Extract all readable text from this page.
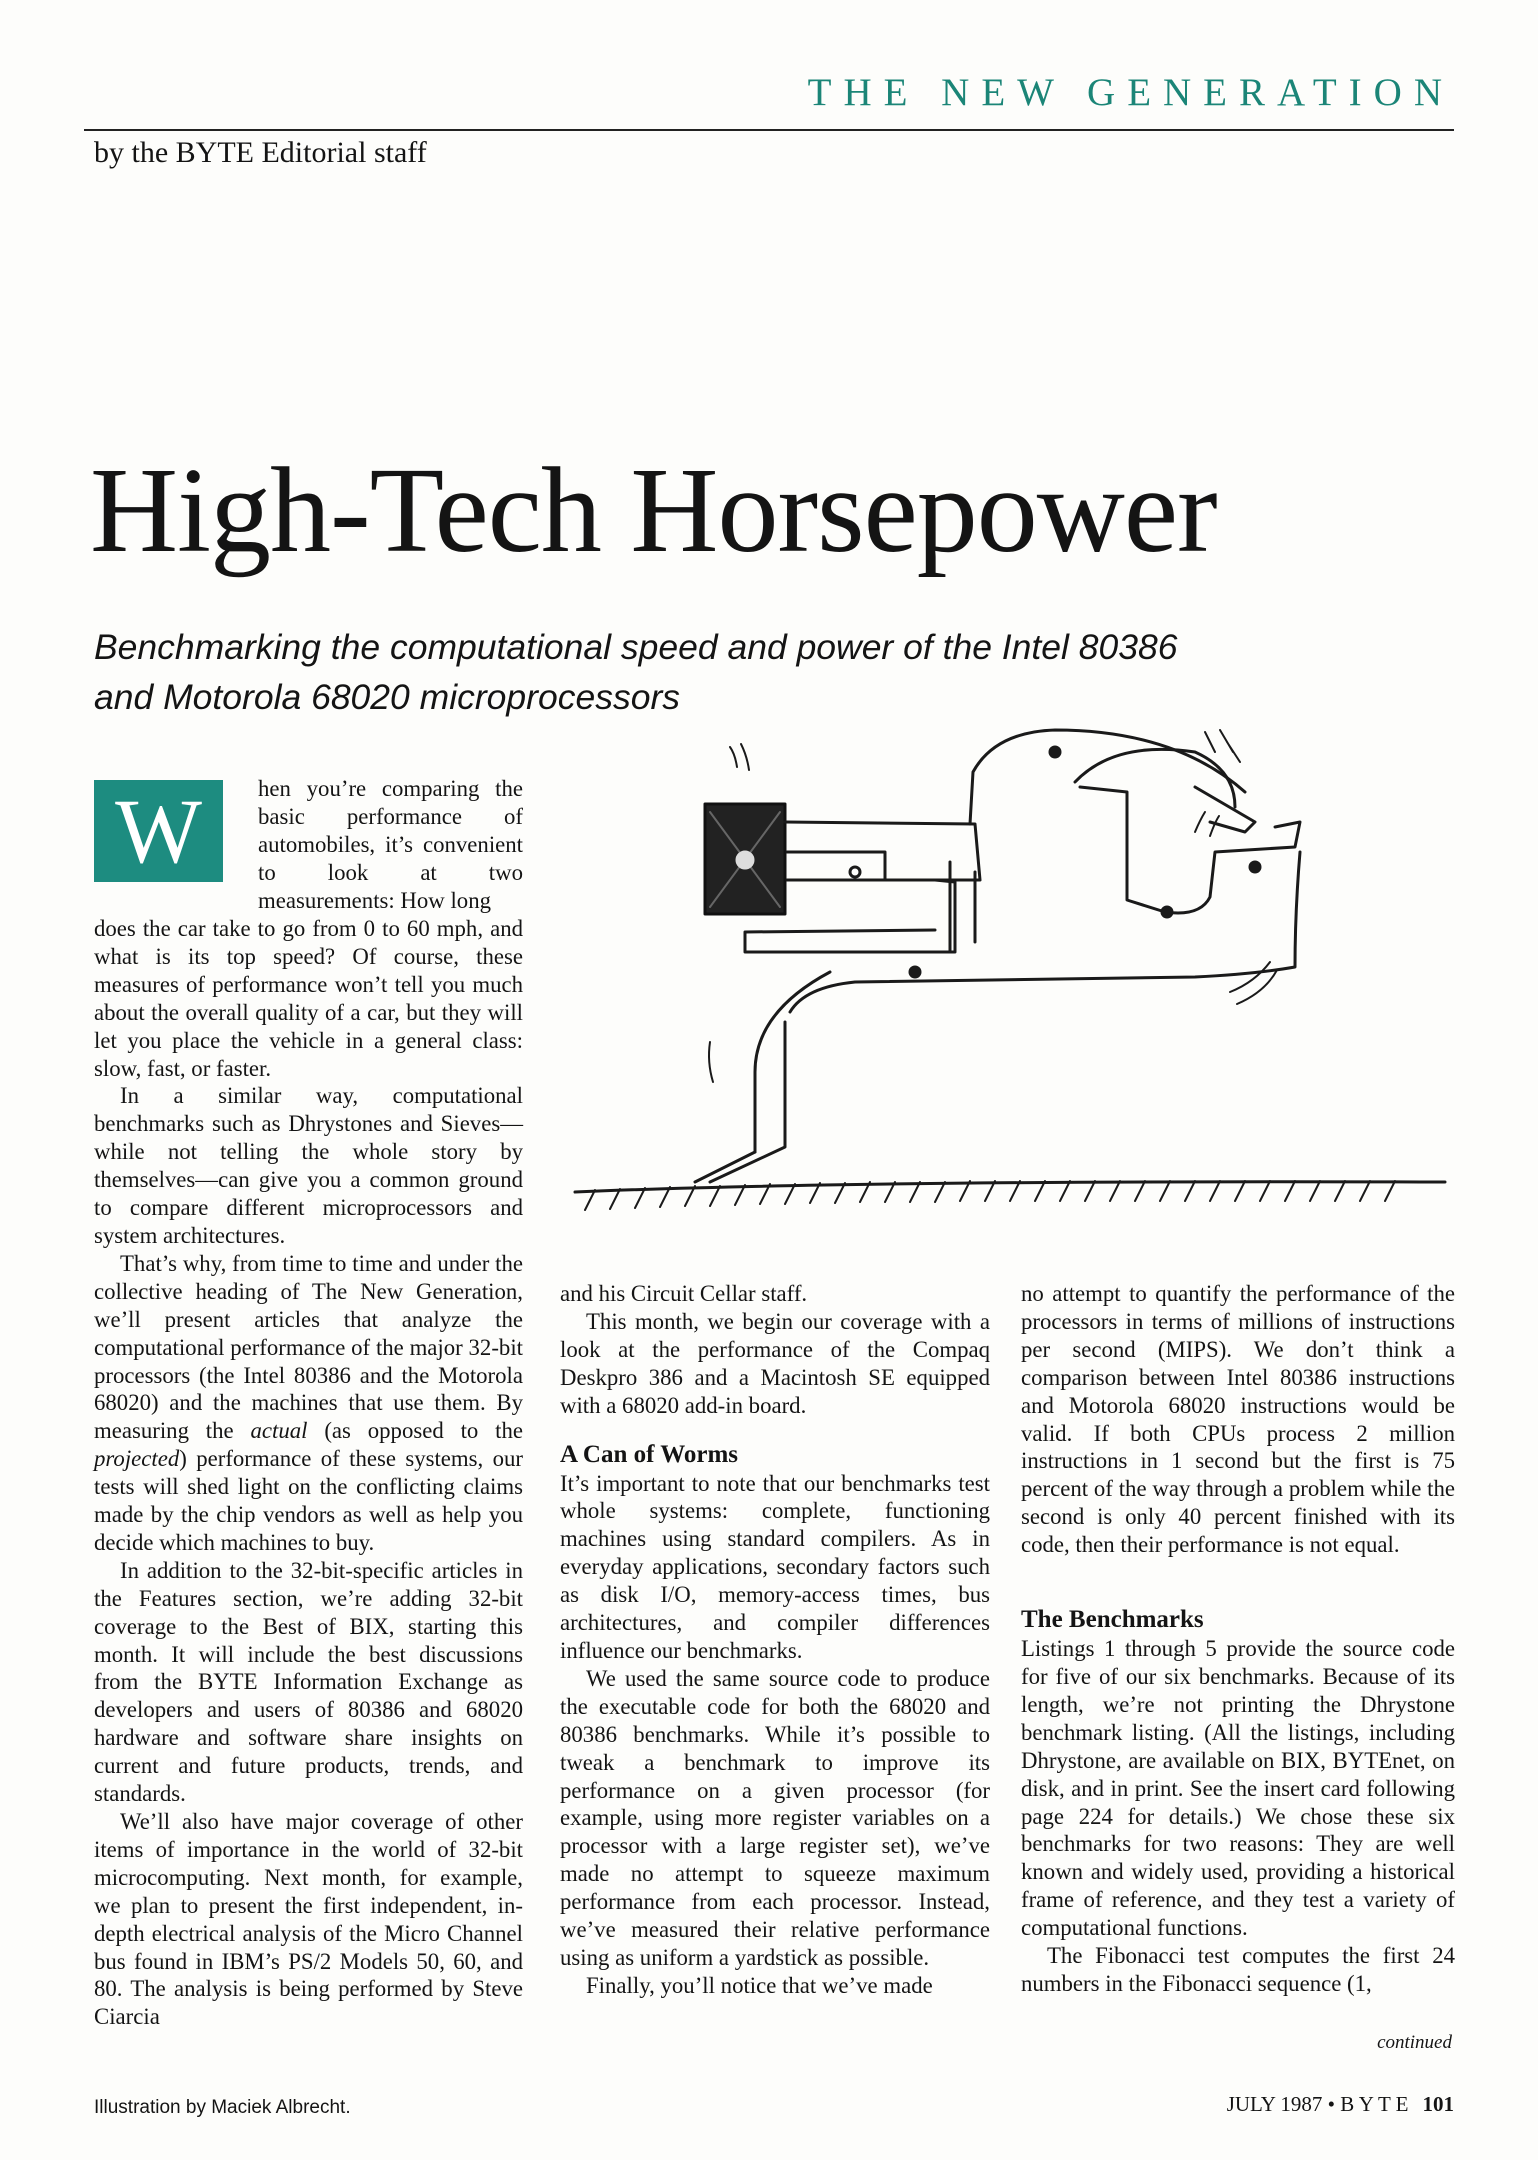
THE NEW GENERATION
by the BYTE Editorial staff
High-Tech Horsepower
Benchmarking the computational speed and power of the Intel 80386
and Motorola 68020 microprocessors
W	hen you’re comparing the basic performance of automobiles, it’s convenient to look at two measurements: How long

does the car take to go from 0 to 60 mph, and what is its top speed? Of course, these measures of performance won’t tell you much about the overall quality of a car, but they will let you place the vehicle in a general class: slow, fast, or faster.

In a similar way, computational benchmarks such as Dhrystones and Sieves—while not telling the whole story by themselves—can give you a common ground to compare different microprocessors and system architectures.

That’s why, from time to time and under the collective heading of The New Generation, we’ll present articles that analyze the computational performance of the major 32-bit processors (the Intel 80386 and the Motorola 68020) and the machines that use them. By measuring the actual (as opposed to the projected) performance of these systems, our tests will shed light on the conflicting claims made by the chip vendors as well as help you decide which machines to buy.

In addition to the 32-bit-specific articles in the Features section, we’re adding 32-bit coverage to the Best of BIX, starting this month. It will include the best discussions from the BYTE Information Exchange as developers and users of 80386 and 68020 hardware and software share insights on current and future products, trends, and standards.

We’ll also have major coverage of other items of importance in the world of 32-bit microcomputing. Next month, for example, we plan to present the first independent, in-depth electrical analysis of the Micro Channel bus found in IBM’s PS/2 Models 50, 60, and 80. The analysis is being performed by Steve Ciarcia

and his Circuit Cellar staff.

This month, we begin our coverage with a look at the performance of the Compaq Deskpro 386 and a Macintosh SE equipped with a 68020 add-in board.

A Can of Worms

It’s important to note that our benchmarks test whole systems: complete, functioning machines using standard compilers. As in everyday applications, secondary factors such as disk I/O, memory-access times, bus architectures, and compiler differences influence our benchmarks.

We used the same source code to produce the executable code for both the 68020 and 80386 benchmarks. While it’s possible to tweak a benchmark to improve its performance on a given processor (for example, using more register variables on a processor with a large register set), we’ve made no attempt to squeeze maximum performance from each processor. Instead, we’ve measured their relative performance using as uniform a yardstick as possible.

Finally, you’ll notice that we’ve made

no attempt to quantify the performance of the processors in terms of millions of instructions per second (MIPS). We don’t think a comparison between Intel 80386 instructions and Motorola 68020 instructions would be valid. If both CPUs process 2 million instructions in 1 second but the first is 75 percent of the way through a problem while the second is only 40 percent finished with its code, then their performance is not equal.

The Benchmarks

Listings 1 through 5 provide the source code for five of our six benchmarks. Because of its length, we’re not printing the Dhrystone benchmark listing. (All the listings, including Dhrystone, are available on BIX, BYTEnet, on disk, and in print. See the insert card following page 224 for details.) We chose these six benchmarks for two reasons: They are well known and widely used, providing a historical frame of reference, and they test a variety of computational functions.

The Fibonacci test computes the first 24 numbers in the Fibonacci sequence (1,

continued
Illustration by Maciek Albrecht.	JULY 1987 • B Y T E 101
